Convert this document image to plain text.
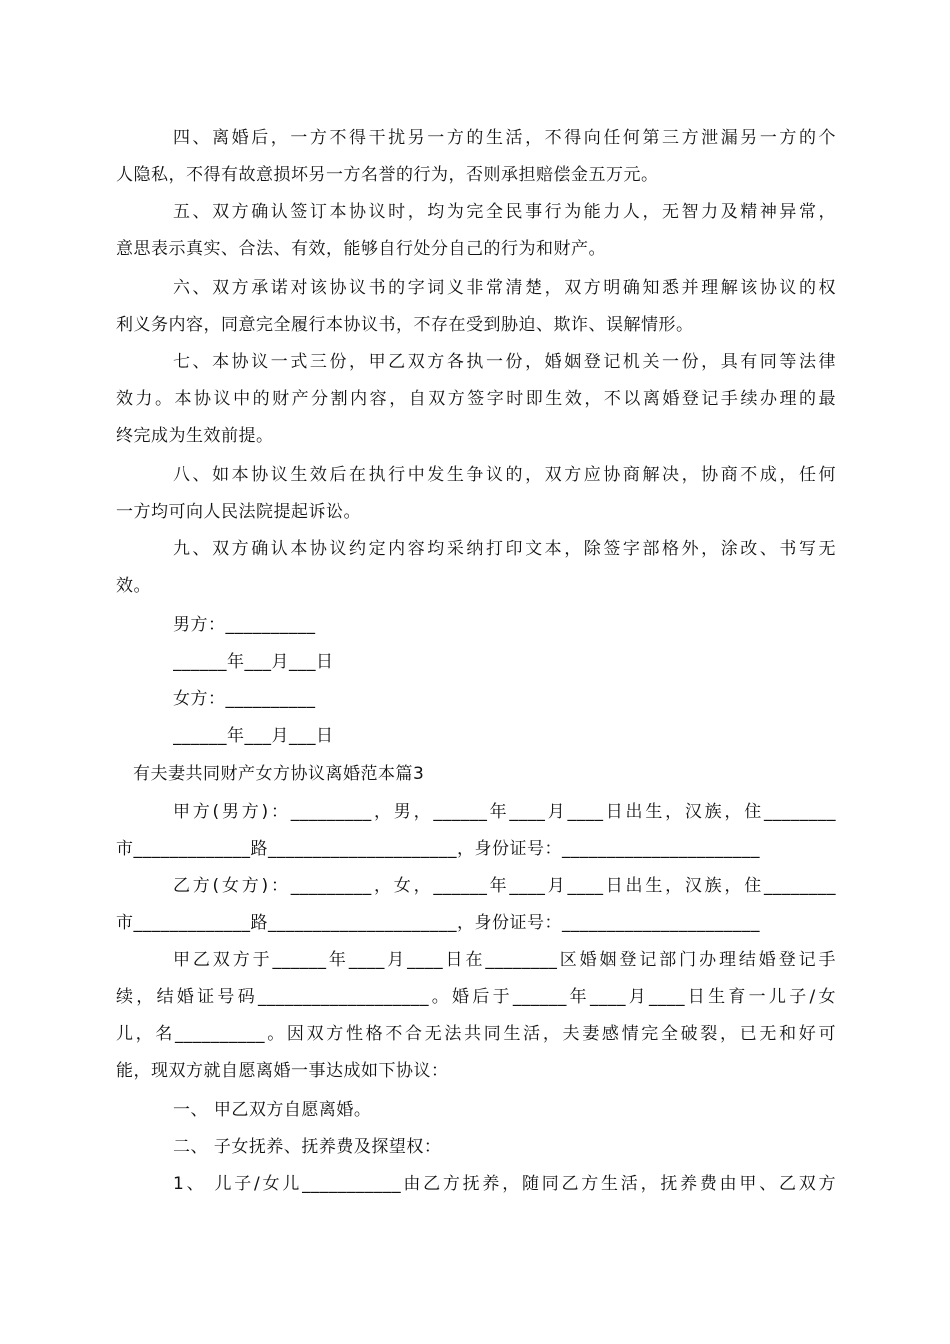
四、离婚后，一方不得干扰另一方的生活，不得向任何第三方泄漏另一方的个
人隐私，不得有故意损坏另一方名誉的行为，否则承担赔偿金五万元。
五、双方确认签订本协议时，均为完全民事行为能力人，无智力及精神异常，
意思表示真实、合法、有效，能够自行处分自己的行为和财产。
六、双方承诺对该协议书的字词义非常清楚，双方明确知悉并理解该协议的权
利义务内容，同意完全履行本协议书，不存在受到胁迫、欺诈、误解情形。
七、本协议一式三份，甲乙双方各执一份，婚姻登记机关一份，具有同等法律
效力。本协议中的财产分割内容，自双方签字时即生效，不以离婚登记手续办理的最
终完成为生效前提。
八、如本协议生效后在执行中发生争议的，双方应协商解决，协商不成，任何
一方均可向人民法院提起诉讼。
九、双方确认本协议约定内容均采纳打印文本，除签字部格外，涂改、书写无
效。
男方：__________
______年___月___日
女方：__________
______年___月___日
有夫妻共同财产女方协议离婚范本篇3
甲方(男方)：_________，男，______年____月____日出生，汉族，住________
市_____________路_____________________，身份证号：______________________
乙方(女方)：_________，女，______年____月____日出生，汉族，住________
市_____________路_____________________，身份证号：______________________
甲乙双方于______年____月____日在________区婚姻登记部门办理结婚登记手
续，结婚证号码___________________。婚后于______年____月____日生育一儿子/女
儿，名__________。因双方性格不合无法共同生活，夫妻感情完全破裂，已无和好可
能，现双方就自愿离婚一事达成如下协议：
一、 甲乙双方自愿离婚。
二、 子女抚养、抚养费及探望权：
1、 儿子/女儿___________由乙方抚养，随同乙方生活，抚养费由甲、乙双方
